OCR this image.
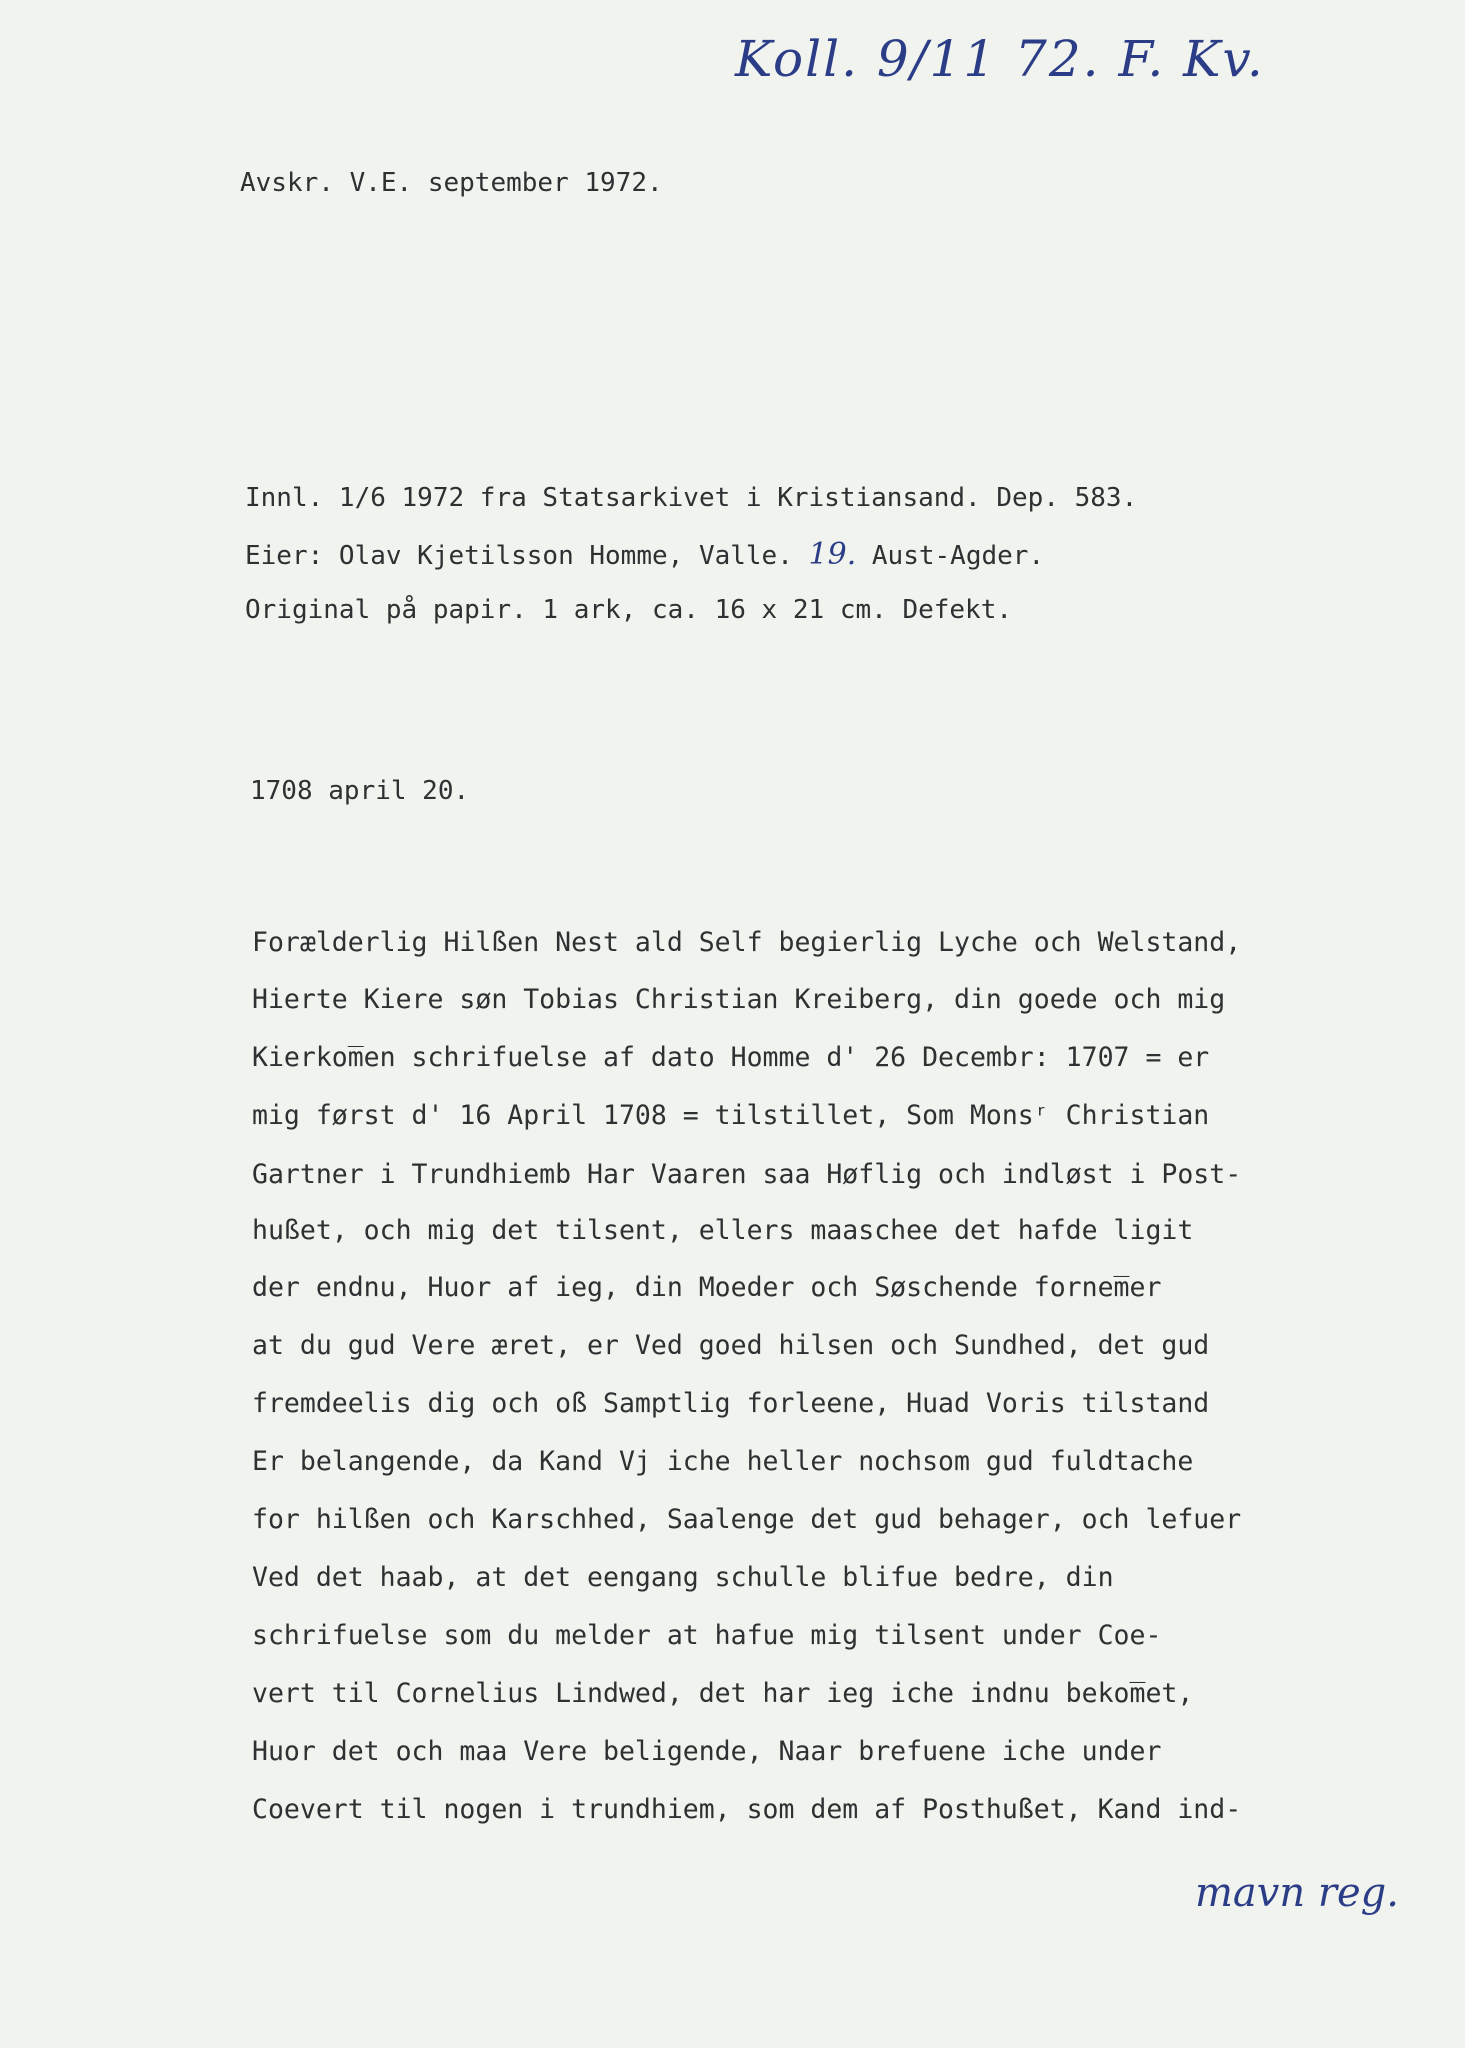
Koll. 9/11 72. F. Kv.
Avskr. V.E. september 1972.
Innl. 1/6 1972 fra Statsarkivet i Kristiansand. Dep. 583.
Eier: Olav Kjetilsson Homme, Valle. 19. Aust-Agder.
Original på papir. 1 ark, ca. 16 x 21 cm. Defekt.
1708 april 20.
Forælderlig Hilßen Nest ald Self begierlig Lyche och Welstand,
Hierte Kiere søn Tobias Christian Kreiberg, din goede och mig
Kierkom̅en schrifuelse af dato Homme d' 26 Decembr: 1707 = er
mig først d' 16 April 1708 = tilstillet, Som Monsʳ Christian
Gartner i Trundhiemb Har Vaaren saa Høflig och indløst i Post-
hußet, och mig det tilsent, ellers maaschee det hafde ligit
der endnu, Huor af ieg, din Moeder och Søschende fornem̅er
at du gud Vere æret, er Ved goed hilsen och Sundhed, det gud
fremdeelis dig och oß Samptlig forleene, Huad Voris tilstand
Er belangende, da Kand Vj iche heller nochsom gud fuldtache
for hilßen och Karschhed, Saalenge det gud behager, och lefuer
Ved det haab, at det eengang schulle blifue bedre, din
schrifuelse som du melder at hafue mig tilsent under Coe-
vert til Cornelius Lindwed, det har ieg iche indnu bekom̅et,
Huor det och maa Vere beligende, Naar brefuene iche under
Coevert til nogen i trundhiem, som dem af Posthußet, Kand ind-
mavn reg.
